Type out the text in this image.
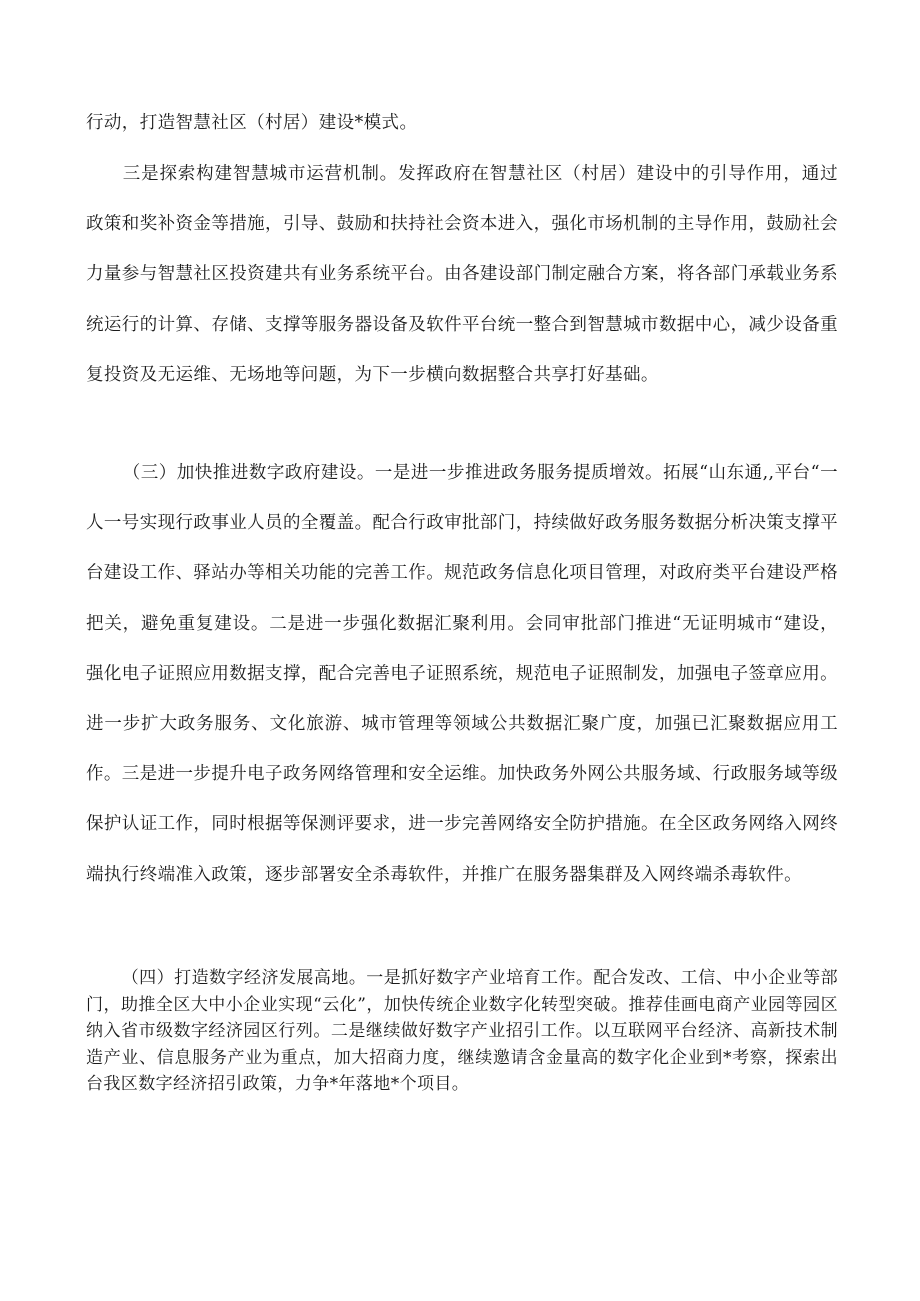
行动，打造智慧社区（村居）建设*模式。

三是探索构建智慧城市运营机制。发挥政府在智慧社区（村居）建设中的引导作用，通过政策和奖补资金等措施，引导、鼓励和扶持社会资本进入，强化市场机制的主导作用，鼓励社会力量参与智慧社区投资建共有业务系统平台。由各建设部门制定融合方案，将各部门承载业务系统运行的计算、存储、支撑等服务器设备及软件平台统一整合到智慧城市数据中心，减少设备重复投资及无运维、无场地等问题，为下一步横向数据整合共享打好基础。

（三）加快推进数字政府建设。一是进一步推进政务服务提质增效。拓展“山东通,,平台“一人一号实现行政事业人员的全覆盖。配合行政审批部门，持续做好政务服务数据分析决策支撑平台建设工作、驿站办等相关功能的完善工作。规范政务信息化项目管理，对政府类平台建设严格把关，避免重复建设。二是进一步强化数据汇聚利用。会同审批部门推进“无证明城市“建设，强化电子证照应用数据支撑，配合完善电子证照系统，规范电子证照制发，加强电子签章应用。进一步扩大政务服务、文化旅游、城市管理等领域公共数据汇聚广度，加强已汇聚数据应用工作。三是进一步提升电子政务网络管理和安全运维。加快政务外网公共服务域、行政服务域等级保护认证工作，同时根据等保测评要求，进一步完善网络安全防护措施。在全区政务网络入网终端执行终端准入政策，逐步部署安全杀毒软件，并推广在服务器集群及入网终端杀毒软件。

（四）打造数字经济发展高地。一是抓好数字产业培育工作。配合发改、工信、中小企业等部门，助推全区大中小企业实现“云化”，加快传统企业数字化转型突破。推荐佳画电商产业园等园区纳入省市级数字经济园区行列。二是继续做好数字产业招引工作。以互联网平台经济、高新技术制造产业、信息服务产业为重点，加大招商力度，继续邀请含金量高的数字化企业到*考察，探索出台我区数字经济招引政策，力争*年落地*个项目。
